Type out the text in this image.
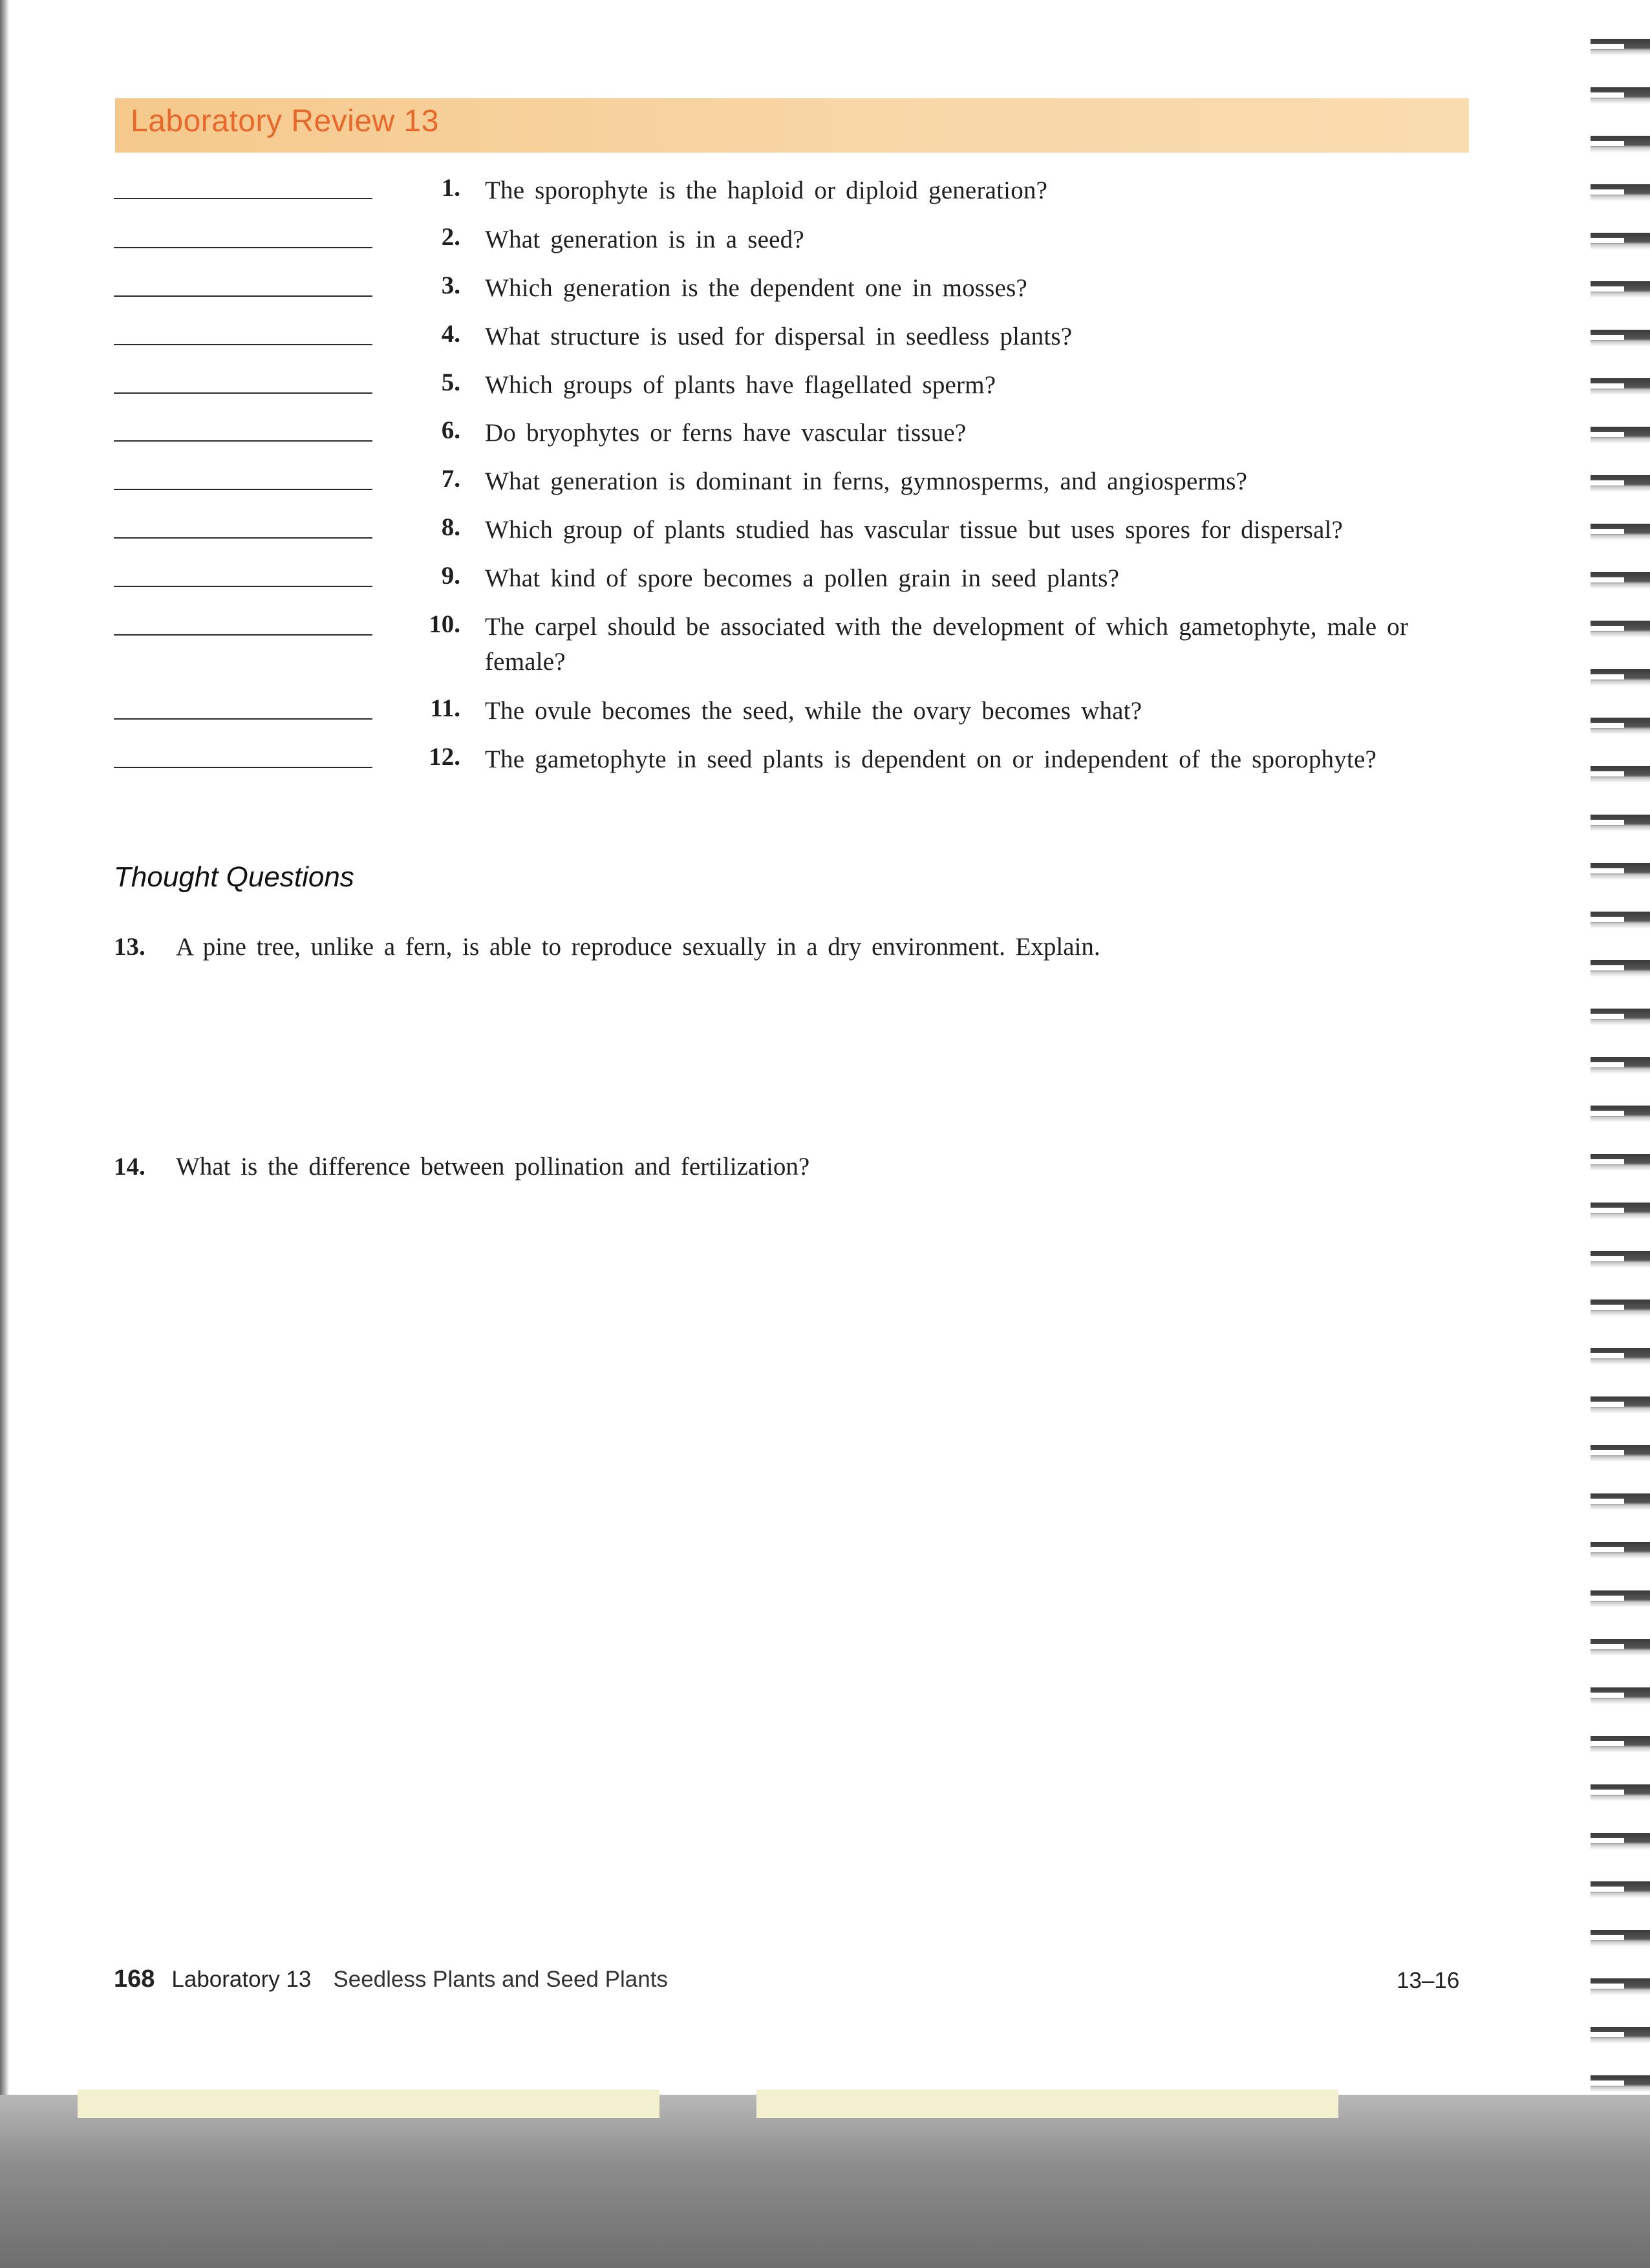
Laboratory Review 13
1. The sporophyte is the haploid or diploid generation?
2. What generation is in a seed?
3. Which generation is the dependent one in mosses?
4. What structure is used for dispersal in seedless plants?
5. Which groups of plants have flagellated sperm?
6. Do bryophytes or ferns have vascular tissue?
7. What generation is dominant in ferns, gymnosperms, and angiosperms?
8. Which group of plants studied has vascular tissue but uses spores for dispersal?
9. What kind of spore becomes a pollen grain in seed plants?
10. The carpel should be associated with the development of which gametophyte, male or female?
11. The ovule becomes the seed, while the ovary becomes what?
12. The gametophyte in seed plants is dependent on or independent of the sporophyte?
Thought Questions
13. A pine tree, unlike a fern, is able to reproduce sexually in a dry environment. Explain.
14. What is the difference between pollination and fertilization?
168 Laboratory 13 Seedless Plants and Seed Plants	13–16
